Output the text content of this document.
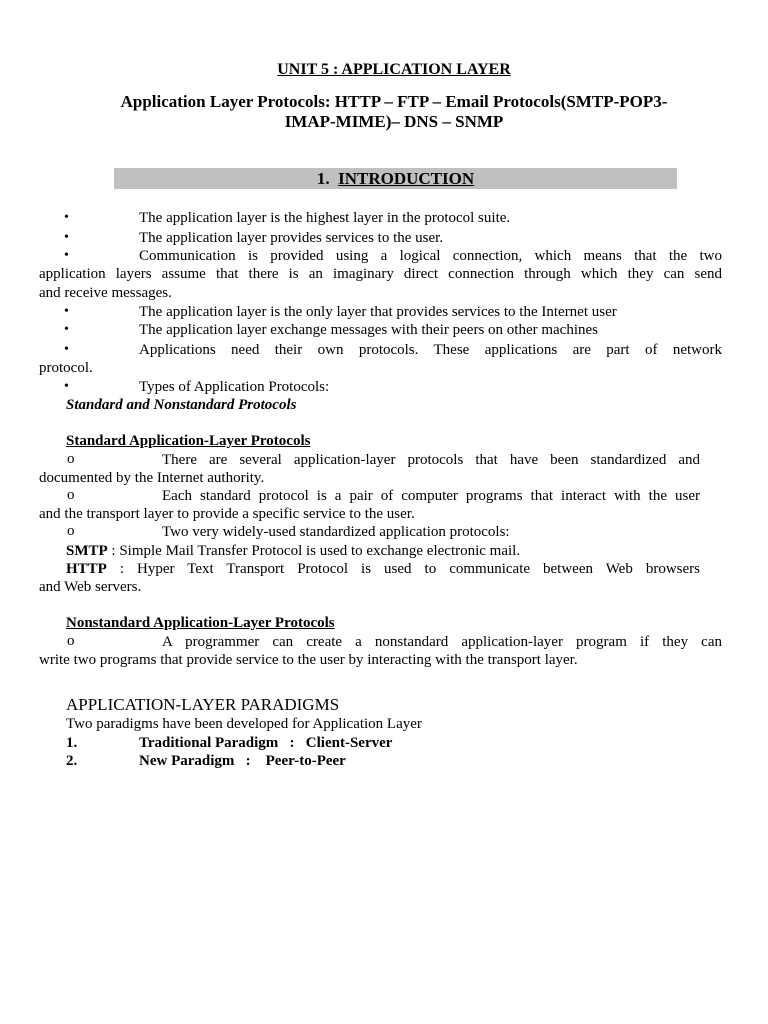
UNIT 5 : APPLICATION LAYER
Application Layer Protocols: HTTP – FTP – Email Protocols(SMTP-POP3-
IMAP-MIME)– DNS – SNMP
1. INTRODUCTION
•	The application layer is the highest layer in the protocol suite.
•	The application layer provides services to the user.
•	Communication is provided using a logical connection, which means that the two
application layers assume that there is an imaginary direct connection through which they can send
and receive messages.
•	The application layer is the only layer that provides services to the Internet user
•	The application layer exchange messages with their peers on other machines
•	Applications need their own protocols. These applications are part of network
protocol.
•	Types of Application Protocols:
Standard and Nonstandard Protocols
Standard Application-Layer Protocols
o	There are several application-layer protocols that have been standardized and
documented by the Internet authority.
o	Each standard protocol is a pair of computer programs that interact with the user
and the transport layer to provide a specific service to the user.
o	Two very widely-used standardized application protocols:
SMTP : Simple Mail Transfer Protocol is used to exchange electronic mail.
HTTP : Hyper Text Transport Protocol is used to communicate between Web browsers
and Web servers.
Nonstandard Application-Layer Protocols
o	A programmer can create a nonstandard application-layer program if they can
write two programs that provide service to the user by interacting with the transport layer.
APPLICATION-LAYER PARADIGMS
Two paradigms have been developed for Application Layer
1.	Traditional Paradigm   :   Client-Server
2.	New Paradigm   :    Peer-to-Peer
